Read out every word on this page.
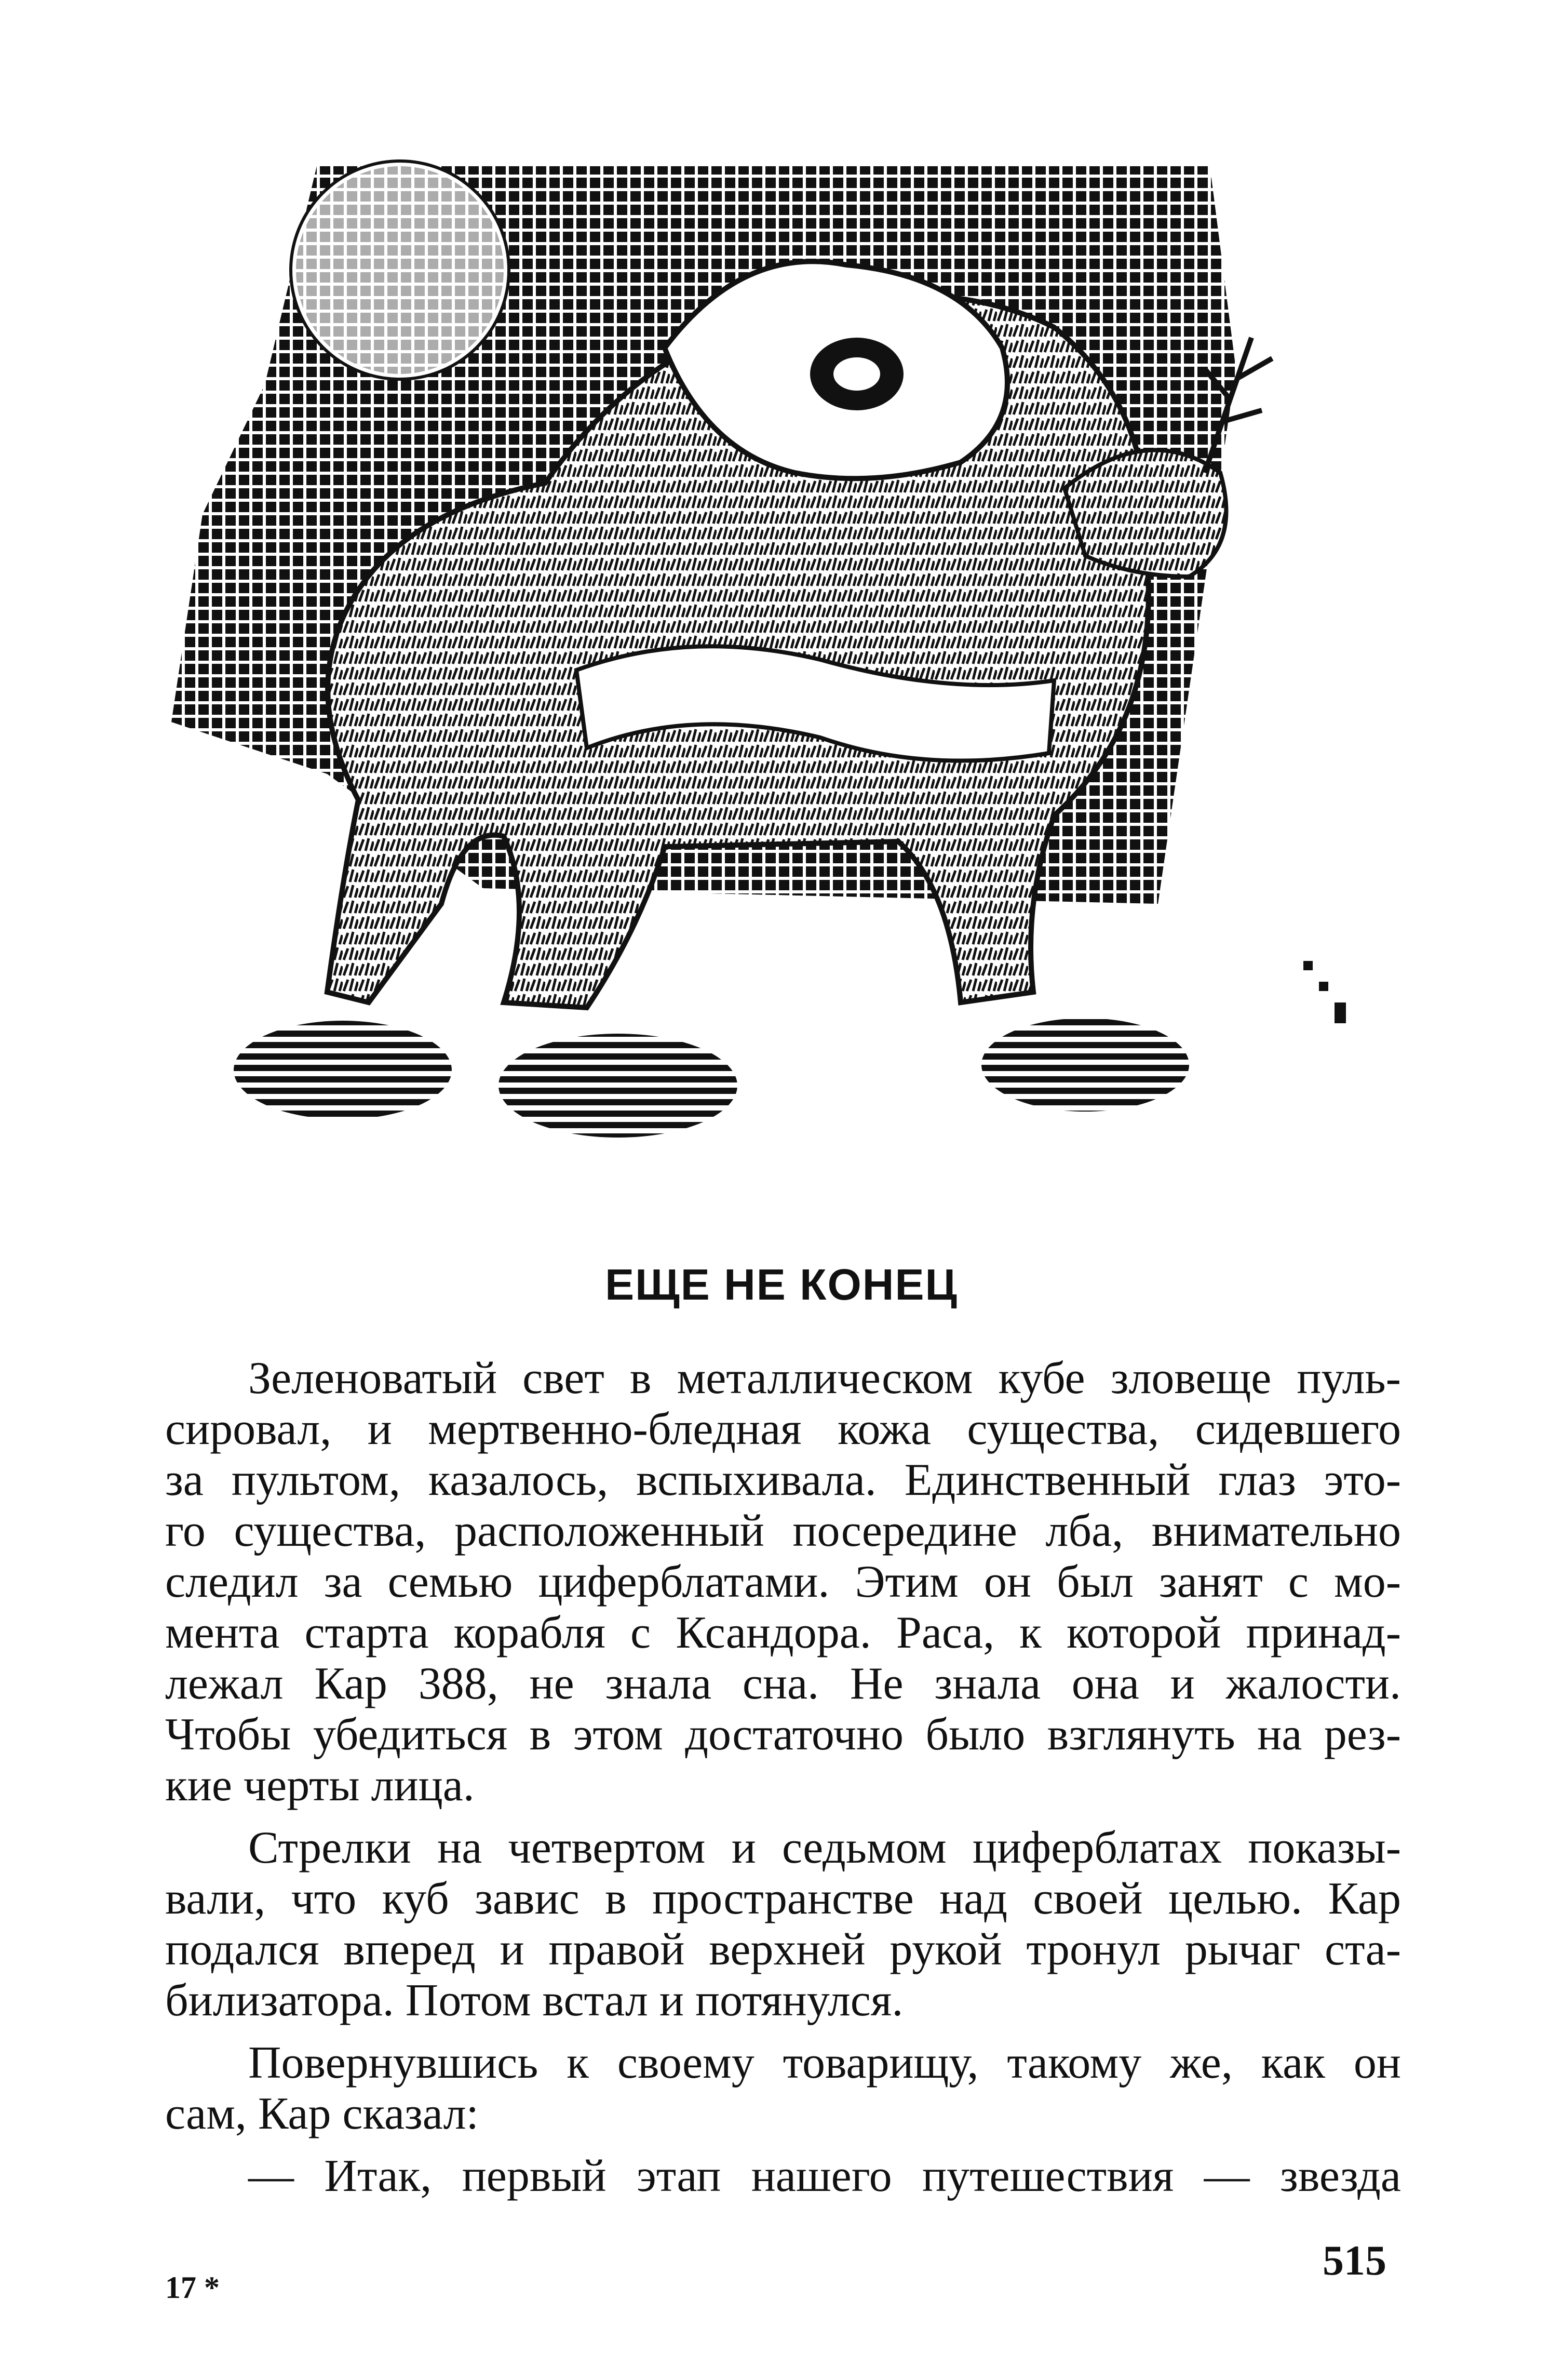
ЕЩЕ НЕ КОНЕЦ

Зеленоватый свет в металлическом кубе зловеще пуль-
сировал, и мертвенно-бледная кожа существа, сидевшего
за пультом, казалось, вспыхивала. Единственный глаз это-
го существа, расположенный посередине лба, внимательно
следил за семью циферблатами. Этим он был занят с мо-
мента старта корабля с Ксандора. Раса, к которой принад-
лежал Кар 388, не знала сна. Не знала она и жалости.
Чтобы убедиться в этом достаточно было взглянуть на рез-
кие черты лица.

Стрелки на четвертом и седьмом циферблатах показы-
вали, что куб завис в пространстве над своей целью. Кар
подался вперед и правой верхней рукой тронул рычаг ста-
билизатора. Потом встал и потянулся.

Повернувшись к своему товарищу, такому же, как он
сам, Кар сказал:

— Итак, первый этап нашего путешествия — звезда

515
17 *
